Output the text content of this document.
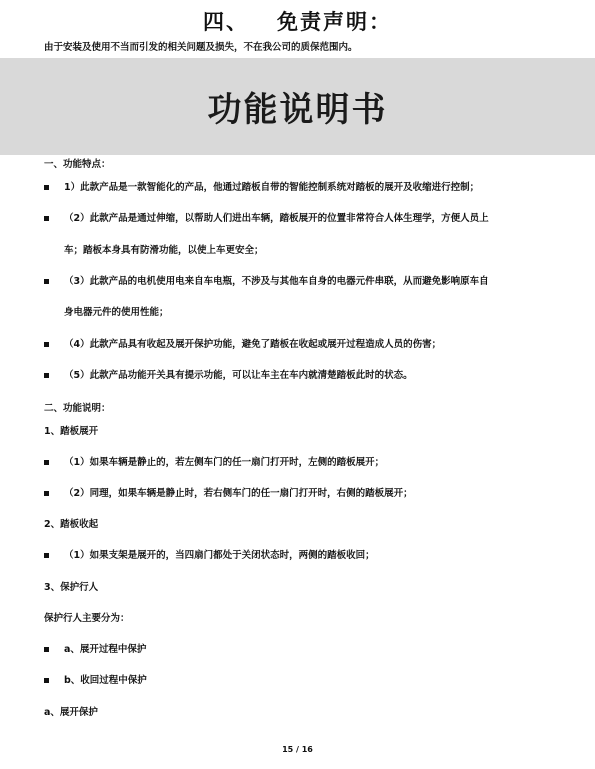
四、 免责声明：
由于安装及使用不当而引发的相关问题及损失，不在我公司的质保范围内。
功能说明书
一、功能特点：
1）此款产品是一款智能化的产品，他通过踏板自带的智能控制系统对踏板的展开及收缩进行控制；
（2）此款产品是通过伸缩，以帮助人们进出车辆，踏板展开的位置非常符合人体生理学，方便人员上
车；踏板本身具有防滑功能，以使上车更安全；
（3）此款产品的电机使用电来自车电瓶，不涉及与其他车自身的电器元件串联，从而避免影响原车自
身电器元件的使用性能；
（4）此款产品具有收起及展开保护功能，避免了踏板在收起或展开过程造成人员的伤害；
（5）此款产品功能开关具有提示功能，可以让车主在车内就清楚踏板此时的状态。
二、功能说明：
1、踏板展开
（1）如果车辆是静止的，若左侧车门的任一扇门打开时，左侧的踏板展开；
（2）同理，如果车辆是静止时，若右侧车门的任一扇门打开时，右侧的踏板展开；
2、踏板收起
（1）如果支架是展开的，当四扇门都处于关闭状态时，两侧的踏板收回；
3、保护行人
保护行人主要分为：
a、展开过程中保护
b、收回过程中保护
a、展开保护
15 / 16
